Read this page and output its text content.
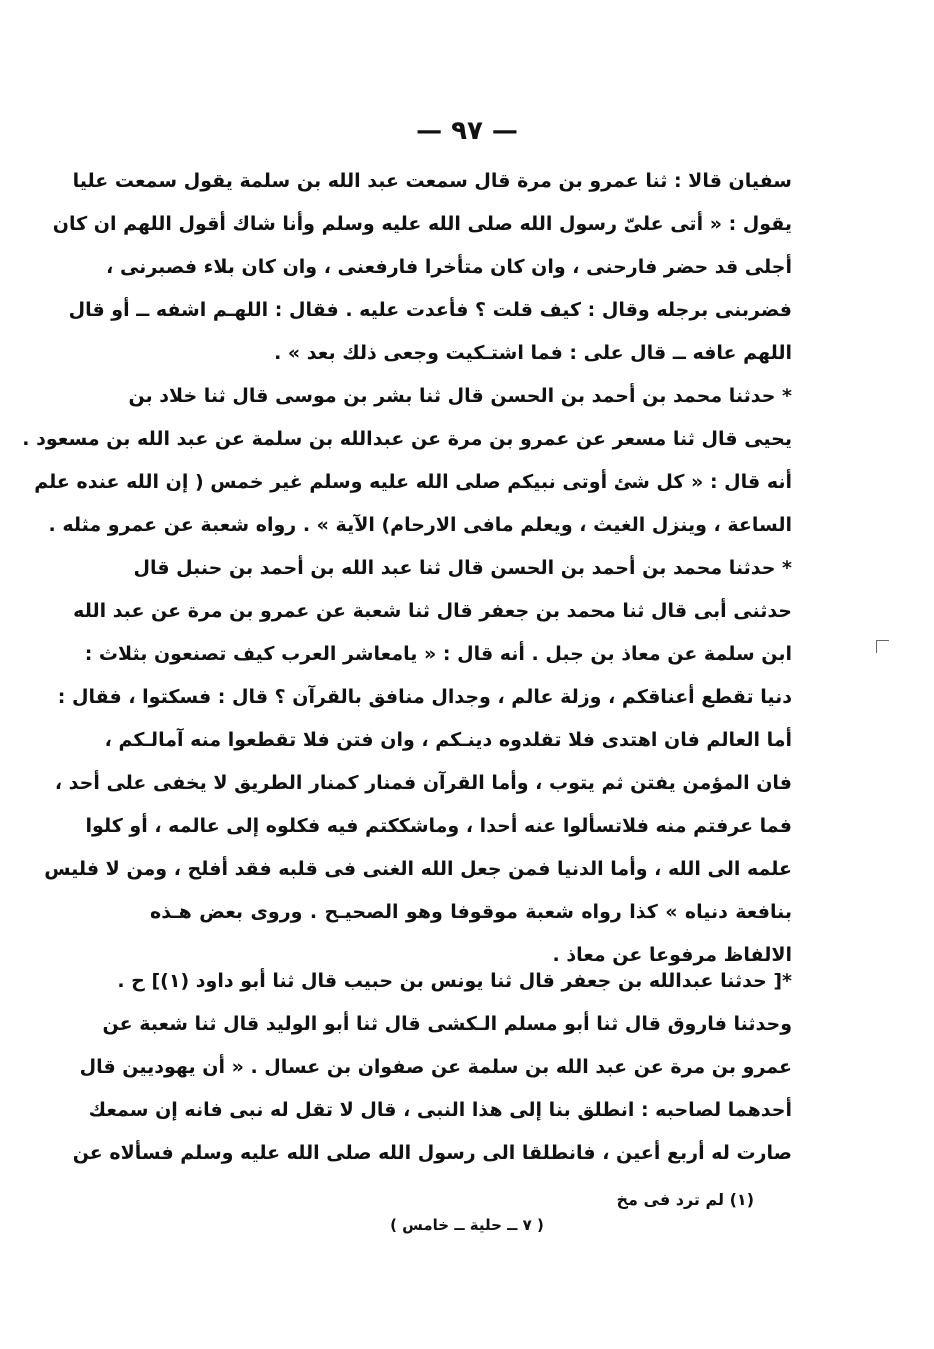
— ٩٧ —
سفيان قالا : ثنا عمرو بن مرة قال سمعت عبد الله بن سلمة يقول سمعت عليا
يقول : « أتى علىّ رسول الله صلى الله عليه وسلم وأنا شاك أقول اللهم ان كان
أجلى قد حضر فارحنى ، وان كان متأخرا فارفعنى ، وان كان بلاء فصبرنى ،
فضربنى برجله وقال : كيف قلت ؟ فأعدت عليه . فقال : اللهـم اشفه ــ أو قال
اللهم عافه ــ قال على : فما اشتـكيت وجعى ذلك بعد » .
* حدثنا محمد بن أحمد بن الحسن قال ثنا بشر بن موسى قال ثنا خلاد بن
يحيى قال ثنا مسعر عن عمرو بن مرة عن عبدالله بن سلمة عن عبد الله بن مسعود .
أنه قال : « كل شئ أوتى نبيكم صلى الله عليه وسلم غير خمس ( إن الله عنده علم
الساعة ، وينزل الغيث ، ويعلم مافى الارحام) الآية » . رواه شعبة عن عمرو مثله .
* حدثنا محمد بن أحمد بن الحسن قال ثنا عبد الله بن أحمد بن حنبل قال
حدثنى أبى قال ثنا محمد بن جعفر قال ثنا شعبة عن عمرو بن مرة عن عبد الله
ابن سلمة عن معاذ بن جبل . أنه قال : « يامعاشر العرب كيف تصنعون بثلاث :
دنيا تقطع أعناقكم ، وزلة عالم ، وجدال منافق بالقرآن ؟ قال : فسكتوا ، فقال :
أما العالم فان اهتدى فلا تقلدوه دينـكم ، وان فتن فلا تقطعوا منه آمالـكم ،
فان المؤمن يفتن ثم يتوب ، وأما القرآن فمنار كمنار الطريق لا يخفى على أحد ،
فما عرفتم منه فلاتسألوا عنه أحدا ، وماشككتم فيه فكلوه إلى عالمه ، أو كلوا
علمه الى الله ، وأما الدنيا فمن جعل الله الغنى فى قلبه فقد أفلح ، ومن لا فليس
بنافعة دنياه » كذا رواه شعبة موقوفا وهو الصحيـح . وروى بعض هـذه
الالفاظ مرفوعا عن معاذ .
*[ حدثنا عبدالله بن جعفر قال ثنا يونس بن حبيب قال ثنا أبو داود (١)] ح .
وحدثنا فاروق قال ثنا أبو مسلم الـكشى قال ثنا أبو الوليد قال ثنا شعبة عن
عمرو بن مرة عن عبد الله بن سلمة عن صفوان بن عسال . « أن يهوديين قال
أحدهما لصاحبه : انطلق بنا إلى هذا النبى ، قال لا تقل له نبى فانه إن سمعك
صارت له أربع أعين ، فانطلقا الى رسول الله صلى الله عليه وسلم فسألاه عن
(١) لم ترد فى مخ
( ٧ ــ حلية ــ خامس )
